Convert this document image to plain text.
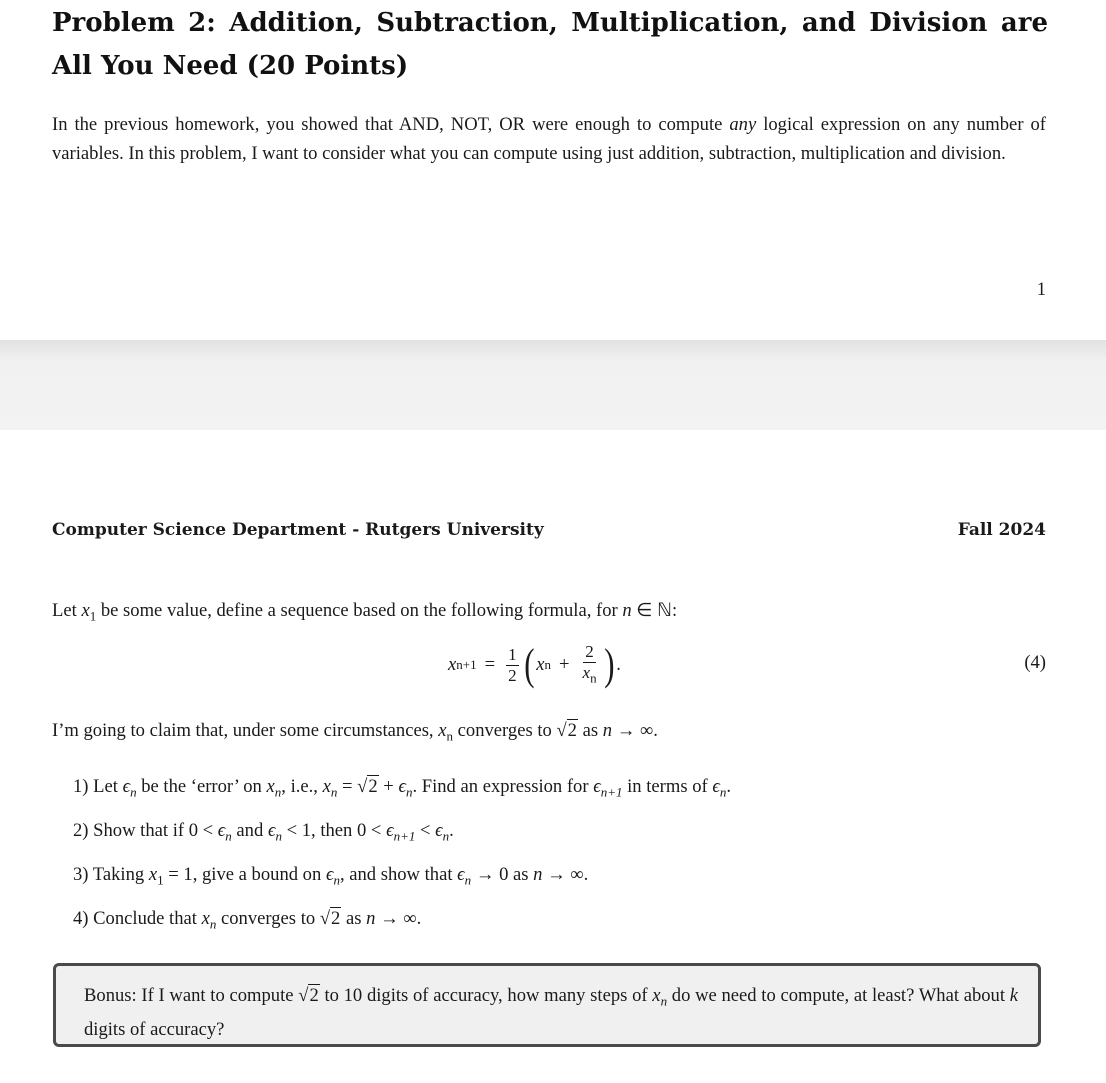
Problem 2: Addition, Subtraction, Multiplication, and Division are All You Need (20 Points)

In the previous homework, you showed that AND, NOT, OR were enough to compute any logical expression on any number of variables. In this problem, I want to consider what you can compute using just addition, subtraction, multiplication and division.

1
Computer Science Department - Rutgers University	Fall 2024
Let $x_1$ be some value, define a sequence based on the following formula, for n ∈ ℕ:
x $n+1 = \frac{1}{2}$ ( x $n + \frac{2}{x_n}$ ) .	(4)
I’m going to claim that, under some circumstances, $x_n$ converges to √2 as n → ∞.
1) Let $\epsilon_n$ be the ‘error’ on $x_n$, i.e., $x_n = √2 + \epsilon_n$. Find an expression for $\epsilon_{n+1}$ in terms of $\epsilon_n$.
2) Show that if $0 < \epsilon_n$ and $\epsilon_n < 1$, then $0 < \epsilon_{n+1} < \epsilon_n$.
3) Taking $x_1 = 1$, give a bound on $\epsilon_n$, and show that $\epsilon_n \to 0$ as n → ∞.
4) Conclude that $x_n$ converges to √2 as n → ∞.

Bonus: If I want to compute √2 to 10 digits of accuracy, how many steps of $x_n$ do we need to compute, at least? What about k digits of accuracy?
